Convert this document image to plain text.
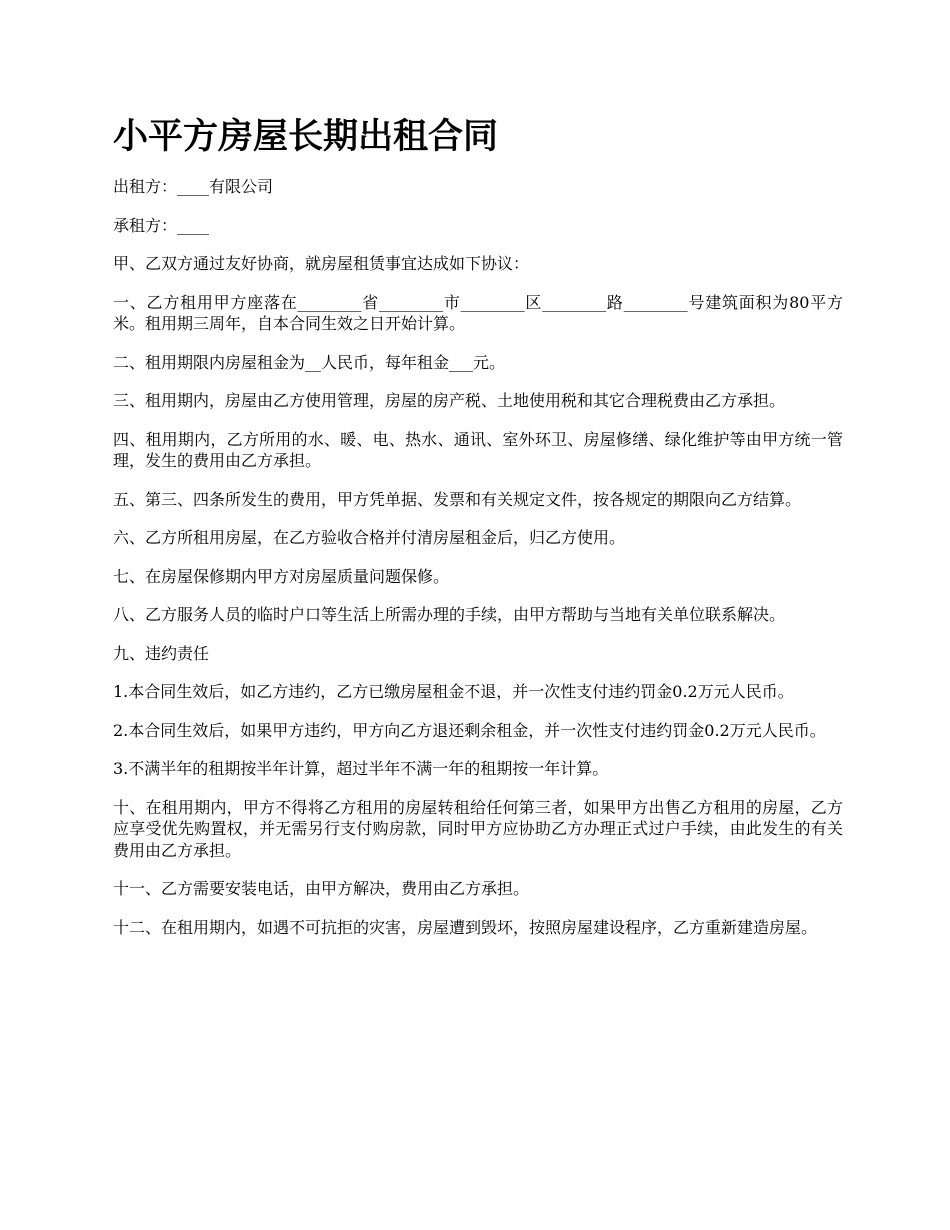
小平方房屋长期出租合同

出租方：____有限公司

承租方：____

甲、乙双方通过友好协商，就房屋租赁事宜达成如下协议：

一、乙方租用甲方座落在________省________市________区________路________号建筑面积为80平方米。租用期三周年，自本合同生效之日开始计算。

二、租用期限内房屋租金为__人民币，每年租金___元。

三、租用期内，房屋由乙方使用管理，房屋的房产税、土地使用税和其它合理税费由乙方承担。

四、租用期内，乙方所用的水、暖、电、热水、通讯、室外环卫、房屋修缮、绿化维护等由甲方统一管理，发生的费用由乙方承担。

五、第三、四条所发生的费用，甲方凭单据、发票和有关规定文件，按各规定的期限向乙方结算。

六、乙方所租用房屋，在乙方验收合格并付清房屋租金后，归乙方使用。

七、在房屋保修期内甲方对房屋质量问题保修。

八、乙方服务人员的临时户口等生活上所需办理的手续，由甲方帮助与当地有关单位联系解决。

九、违约责任

1.本合同生效后，如乙方违约，乙方已缴房屋租金不退，并一次性支付违约罚金0.2万元人民币。

2.本合同生效后，如果甲方违约，甲方向乙方退还剩余租金，并一次性支付违约罚金0.2万元人民币。

3.不满半年的租期按半年计算，超过半年不满一年的租期按一年计算。

十、在租用期内，甲方不得将乙方租用的房屋转租给任何第三者，如果甲方出售乙方租用的房屋，乙方应享受优先购置权，并无需另行支付购房款，同时甲方应协助乙方办理正式过户手续，由此发生的有关费用由乙方承担。

十一、乙方需要安装电话，由甲方解决，费用由乙方承担。

十二、在租用期内，如遇不可抗拒的灾害，房屋遭到毁坏，按照房屋建设程序，乙方重新建造房屋。
